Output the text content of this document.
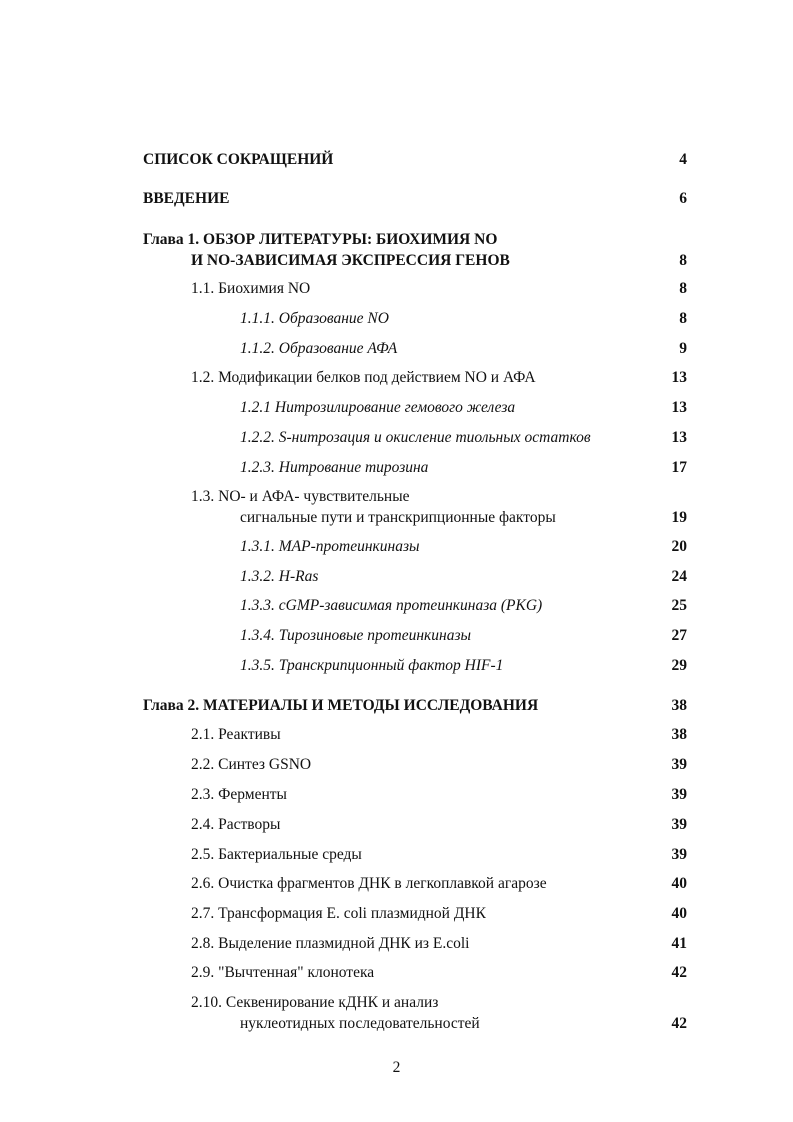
СПИСОК СОКРАЩЕНИЙ	4
ВВЕДЕНИЕ	6
Глава 1. ОБЗОР ЛИТЕРАТУРЫ: БИОХИМИЯ NO
И NO-ЗАВИСИМАЯ ЭКСПРЕССИЯ ГЕНОВ	8
1.1. Биохимия NO	8
1.1.1. Образование NO	8
1.1.2. Образование АФА	9
1.2. Модификации белков под действием NO и АФА	13
1.2.1 Нитрозилирование гемового железа	13
1.2.2. S-нитрозация и окисление тиольных остатков	13
1.2.3. Нитрование тирозина	17
1.3. NO- и АФА- чувствительные
сигнальные пути и транскрипционные факторы	19
1.3.1. МАР-протеинкиназы	20
1.3.2. H-Ras	24
1.3.3. cGMP-зависимая протеинкиназа (PKG)	25
1.3.4. Тирозиновые протеинкиназы	27
1.3.5. Транскрипционный фактор HIF-1	29
Глава 2. МАТЕРИАЛЫ И МЕТОДЫ ИССЛЕДОВАНИЯ	38
2.1. Реактивы	38
2.2. Синтез GSNO	39
2.3. Ферменты	39
2.4. Растворы	39
2.5. Бактериальные среды	39
2.6. Очистка фрагментов ДНК в легкоплавкой агарозе	40
2.7. Трансформация E. coli плазмидной ДНК	40
2.8. Выделение плазмидной ДНК из E.coli	41
2.9. "Вычтенная" клонотека	42
2.10. Секвенирование кДНК и анализ
нуклеотидных последовательностей	42
2
